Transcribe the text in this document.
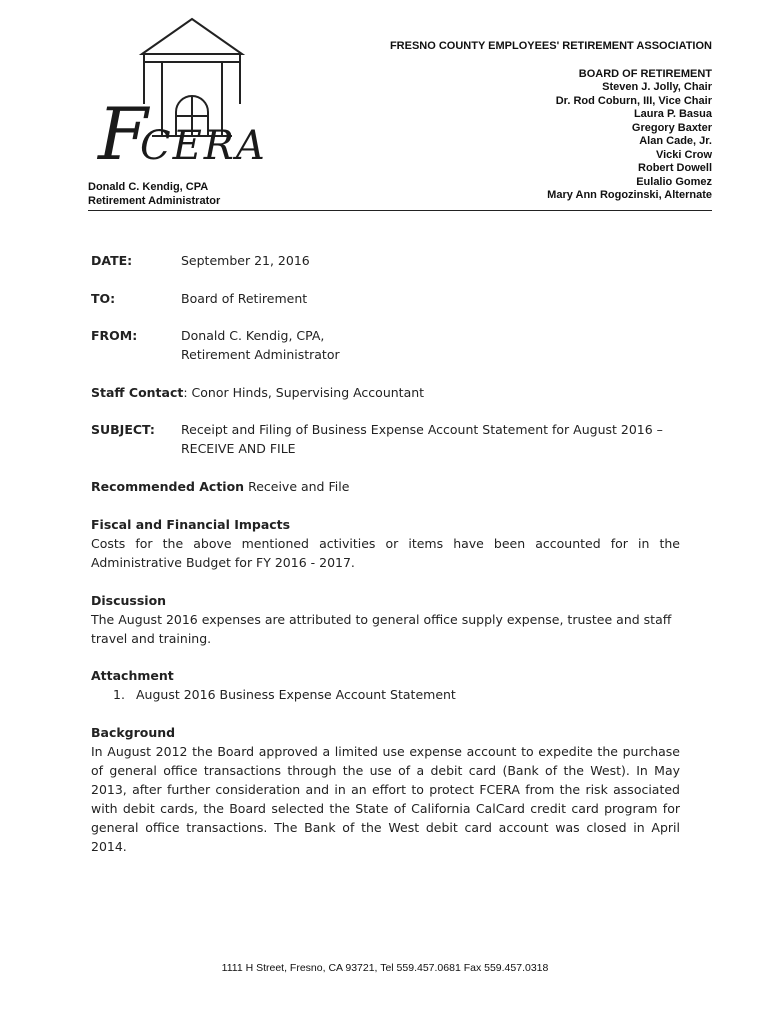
FCERA
FRESNO COUNTY EMPLOYEES' RETIREMENT ASSOCIATION
BOARD OF RETIREMENT
Steven J. Jolly, Chair
Dr. Rod Coburn, III, Vice Chair
Laura P. Basua
Gregory Baxter
Alan Cade, Jr.
Vicki Crow
Robert Dowell
Eulalio Gomez
Mary Ann Rogozinski, Alternate
Donald C. Kendig, CPA
Retirement Administrator
DATE:	September 21, 2016
TO:	Board of Retirement
FROM:	Donald C. Kendig, CPA,
Retirement Administrator
Staff Contact: Conor Hinds, Supervising Accountant
SUBJECT:	Receipt and Filing of Business Expense Account Statement for August 2016 –
RECEIVE AND FILE
Recommended Action Receive and File
Fiscal and Financial Impacts
Costs for the above mentioned activities or items have been accounted for in the Administrative Budget for FY 2016 - 2017.
Discussion
The August 2016 expenses are attributed to general office supply expense, trustee and staff travel and training.
Attachment
1. August 2016 Business Expense Account Statement
Background
In August 2012 the Board approved a limited use expense account to expedite the purchase of general office transactions through the use of a debit card (Bank of the West). In May 2013, after further consideration and in an effort to protect FCERA from the risk associated with debit cards, the Board selected the State of California CalCard credit card program for general office transactions. The Bank of the West debit card account was closed in April 2014.
1111 H Street, Fresno, CA 93721, Tel 559.457.0681 Fax 559.457.0318
